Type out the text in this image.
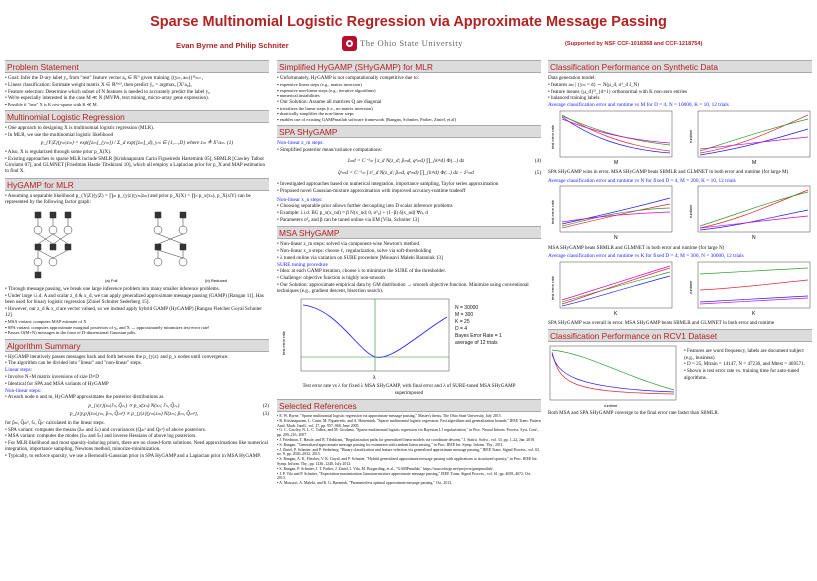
Sparse Multinomial Logistic Regression via Approximate Message Passing
Evan Byrne and Philip Schniter	The Ohio State University	(Supported by NSF CCF-1018368 and CCF-1218754)
Problem Statement

• Goal: Infer the D-ary label y₀ from "test" feature vector a₀ ∈ ℝᴺ given training {(yₘ, aₘ)}ᴹₘ₌₁

• Linear classification: Estimate weight matrix X ∈ ℝᴺˣᴰ, then predict ŷ₀ = argmaxₐ [Xᵀa₀]ₐ

• Feature selection: Determine which subset of N features is needed to accurately predict the label y₀

• We're especially interested in the case M ≪ N (MVPA, text mining, micro-array gene expression).

▪ Possible if "true" X is K row-sparse with K ≪ M.

Multinomial Logistic Regression

• One approach to designing X is multinomial logistic regression (MLR).

• In MLR, we use the multinomial logistic likelihood

p_{Y|Z}(yₘ|zₘ) = exp([zₘ]_{yₘ}) / Σ_d exp([zₘ]_d), yₘ ∈ {1,...,D} where zₘ ≜ Xᵀaₘ. (1)

• Also, X is regularized through some prior p_X(X).

• Existing approaches to sparse MLR include SMLR [Krishnapuram Carin Figueiredo Hartemink 05], SBMLR [Cawley Talbot Girolami 07], and GLMNET [Friedman Hastie Tibshirani 10], which all employ a Laplacian prior for p_X and MAP estimation to find X.

HyGAMP for MLR

• Assuming a separable likelihood p_{Y|Z}(y|Z) = ∏ₘ p_{y|z}(yₘ|zₘ) and prior p_X(X) = ∏ₙ p_x(xₙ), p_X(x|Y) can be represented by the following factor graph:

(a) Full	(b) Reduced

• Through message passing, we break one large inference problem into many smaller inference problems.

• Under large i.i.d. A and scalar z_d & x_d, we can apply generalized approximate message passing (GAMP) [Rangan 11]. Has been used for binary logistic regression [Ziniel Schniter Sederberg 15].

• However, our z_d & x_d are vector valued, so we instead apply hybrid GAMP (HyGAMP) [Rangan Fletcher Goyal Schniter 12]

▪ MSA variant: computes MAP estimate of X

▪ SPA variant: computes approximate marginal posteriors of y₀ and X → approximately minimizes test-error rate!

▪ Passes O(M+N) messages in the form of D-dimensional Gaussian pdfs.

Algorithm Summary

• HyGAMP iteratively passes messages back and forth between the p_{y|z} and p_x nodes until convergence.

• The algorithm can be divided into "linear" and "non-linear" steps.

Linear steps:

• Involve N+M matrix inversions of size D×D

• Identical for SPA and MSA variants of HyGAMP

Non-linear steps:

• At each node n and m, HyGAMP approximates the posterior distributions as

(2)
p_{x|r}(xₙ|r̂ₙ, Q̂ₙᵣ) ∝ p_x(xₙ) N(xₙ; r̂ₙ, Q̂ₙᵣ)
(3)
p_{z|y,p}(zₘ|yₘ, p̂ₘ, Q̂ₘᵖ) ∝ p_{y|z}(yₘ|zₘ) N(zₘ; p̂ₘ, Q̂ₘᵖ),

for p̂ₘ, Q̂ₘᵖ, r̂ₙ, Q̂ₙʳ calculated in the linear steps.

• SPA variant: computes the means (ẑₘ and x̂ₙ) and covariances (Qₘᶻ and Qₙˣ) of above posteriors.

• MSA variant: computes the modes (ẑₘ and x̂ₙ) and inverse Hessians of above log posteriors.

• For MLR likelihood and most sparsity-inducing priors, there are no closed-form solutions. Need approximations like numerical integration, importance sampling, Newtons method, minorize-minimization.

• Typically, to enforce sparsity, we use a Bernoulli-Gaussian prior in SPA HyGAMP and a Laplacian prior in MSA HyGAMP.

Simplified HyGAMP (SHyGAMP) for MLR

• Unfortunately, HyGAMP is not computationally competitive due to:

▪ expensive linear steps (e.g., matrix inversion)

▪ expensive non-linear steps (e.g., iterative algorithms)

▪ numerical instabilities

• Our Solution: Assume all matrices Q are diagonal

▪ trivializes the linear steps (i.e., no matrix inversion)

▪ drastically simplifies the non-linear steps

▪ enables use of existing GAMPmatlab software framework [Rangan, Schniter, Parker, Ziniel, et al]

SPA SHyGAMP

Non-linear z_m steps:

• Simplified posterior mean/variance computations:

(4)
ẑₘd = C⁻¹ₘ ∫ z_d N(z_d; p̂ₘd, qᵖₘd) ∏_{k≠d} Φ(...) dz
(5)
q̂ᶻₘd = C⁻¹ₘ ∫ z²_d N(z_d; p̂ₘd, qᵖₘd) ∏_{k≠d} Φ(...) dz − ẑ²ₘd

• Investigated approaches based on numerical integration, importance sampling, Taylor series approximation

• Proposed novel Gaussian-mixture approximation with improved accuracy-runtime tradeoff

Non-linear x_n steps:

• Choosing separable prior allows further decoupling into D scalar inference problems

• Example: i.i.d. BG p_x(x_nd) = β N(x_nd; 0, σ²₀) + (1−β) δ(x_nd) ∀n, d

• Parameters σ²₀ and β can be tuned online via EM [Vila, Schniter 13]

MSA SHyGAMP

• Non-linear z_m steps: solved via component-wise Newton's method.

• Non-linear x_n steps: choose ℓ₁ regularization, solve via soft-thresholding

• λ tuned online via variation on SURE procedure [Mousavi Maleki Baraniuk 13]

SURE tuning procedure

• Idea: at each GAMP iteration, choose λ to minimize the SURE of the thresholder.

• Challenge: objective function is highly non-smooth

• Our Solution: approximate empirical data by GM distribution → smooth objective function. Minimize using conventional techniques (e.g., gradient descent, bisection search).

test error rate
λ
N = 30000
M = 300
K = 25
D = 4
Bayes Error Rate = 1
average of 12 trials

Test error rate vs λ for fixed λ MSA SHyGAMP, with final error and λ of SURE-tuned MSA SHyGAMP superimposed

Selected References

• E. W. Byrne, "Sparse multinomial logistic regression via approximate message passing," Master's thesis, The Ohio State University, July 2015.

• B. Krishnapuram, L. Carin, M. Figueiredo, and A. Hartemink, "Sparse multinomial logistic regression: Fast algorithms and generalization bounds," IEEE Trans. Pattern Anal. Mach. Intell., vol. 27, pp. 957–968, June 2005.

• G. C. Cawley, N. L. C. Talbot, and M. Girolami, "Sparse multinomial logistic regression via Bayesian L1 regularisation," in Proc. Neural Inform. Process. Syst. Conf., pp. 209–216, 2007.

• J. Friedman, T. Hastie, and R. Tibshirani, "Regularization paths for generalized linear models via coordinate descent," J. Statist. Softw., vol. 33, pp. 1–22, Jan. 2010.

• S. Rangan, "Generalized approximate message passing for estimation with random linear mixing," in Proc. IEEE Int. Symp. Inform. Thy., 2011.

• J. Ziniel, P. Schniter, and P. Sederberg, "Binary classification and feature selection via generalized approximate message passing," IEEE Trans. Signal Process., vol. 63, no. 8, pp. 2020–2032, 2015.

• S. Rangan, A. K. Fletcher, V. K. Goyal, and P. Schniter, "Hybrid generalized approximate message passing with applications to structured sparsity," in Proc. IEEE Int. Symp. Inform. Thy., pp. 1236–1240, July 2012.

• S. Rangan, P. Schniter, J. T. Parker, J. Ziniel, J. Vila, M. Borgerding, et al., "GAMPmatlab," https://sourceforge.net/projects/gampmatlab/.

• J. P. Vila and P. Schniter, "Expectation-maximization Gaussian-mixture approximate message passing," IEEE Trans. Signal Process., vol. 61, pp. 4658–4672, Oct. 2013.

• A. Mousavi, A. Maleki, and R. G. Baraniuk, "Parameterless optimal approximate message passing," Oct. 2013.

Classification Performance on Synthetic Data

Data generation model:

• features aₘ | {yₘ = d} ∼ N(μ_d, σ²_d I_N)

• feature means {μ_d}ᴰ_{d=1} orthonormal with K non-zero entries

• balanced training labels

Average classification error and runtime vs M for D = 4, N = 10000, K = 10, 12 trials

test error rate	runtime
M	M

SPA SHyGAMP wins in error. MSA SHyGAMP beats SBMLR and GLMNET in both error and runtime (for large M)

Average classification error and runtime vs N for fixed D = 4, M = 200, K = 10, 12 trials

test error rate	runtime
N	N

MSA SHyGAMP beats SBMLR and GLMNET in both error and runtime (for large N)

Average classification error and runtime vs K for fixed D = 4, M = 300, N = 30000, 12 trials

test error rate	runtime
K	K

SPA SHyGAMP was overall in error. MSA SHyGAMP beats SBMLR and GLMNET in both error and runtime

Classification Performance on RCV1 Dataset
runtime

• Features are word frequency, labels are document subject (e.g., business)

• D = 25, Mtrain = 14147, N = 47236, and Mtest = 469571.

• Shown is test error rate vs. training time for auto-tuned algorithms.

Both MSA and SPA SHyGAMP converge to the final error rate faster than SBMLR.
